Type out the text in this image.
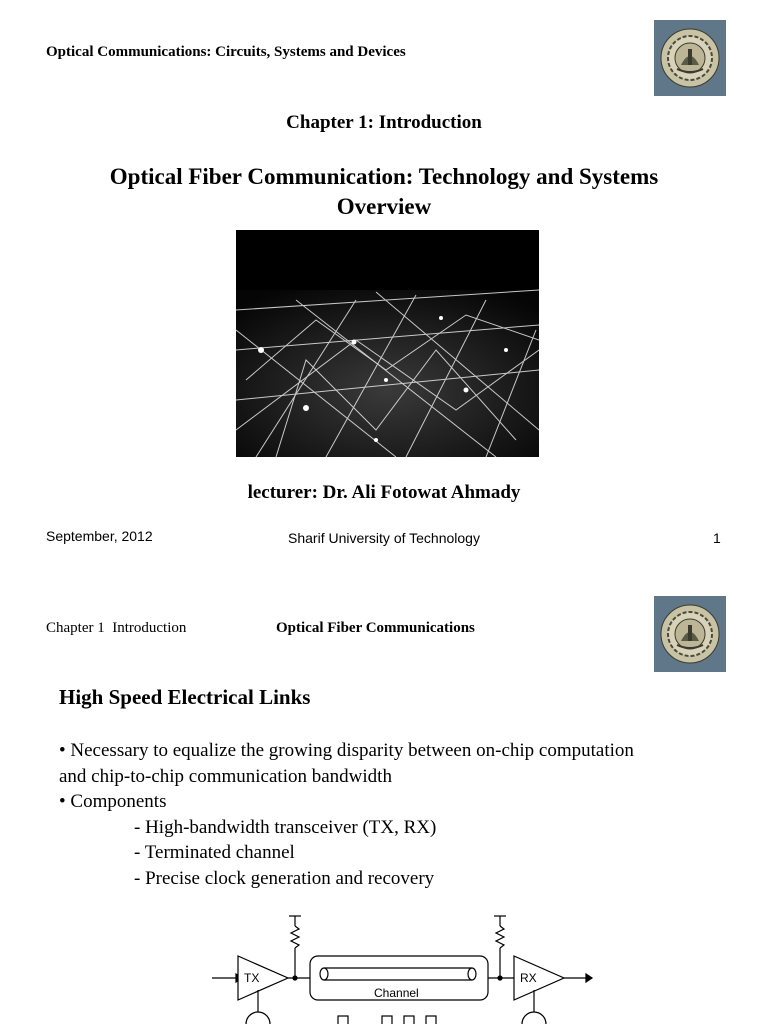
Optical Communications: Circuits, Systems and Devices
Chapter 1: Introduction
Optical Fiber Communication: Technology and Systems
Overview
lecturer: Dr. Ali Fotowat Ahmady
September, 2012	Sharif University of Technology	1
Chapter 1  Introduction	Optical Fiber Communications
High Speed Electrical Links
• Necessary to equalize the growing disparity between on-chip computation
and chip-to-chip communication bandwidth
• Components
- High-bandwidth transceiver (TX, RX)
- Terminated channel
- Precise clock generation and recovery
TX	RX
Channel
